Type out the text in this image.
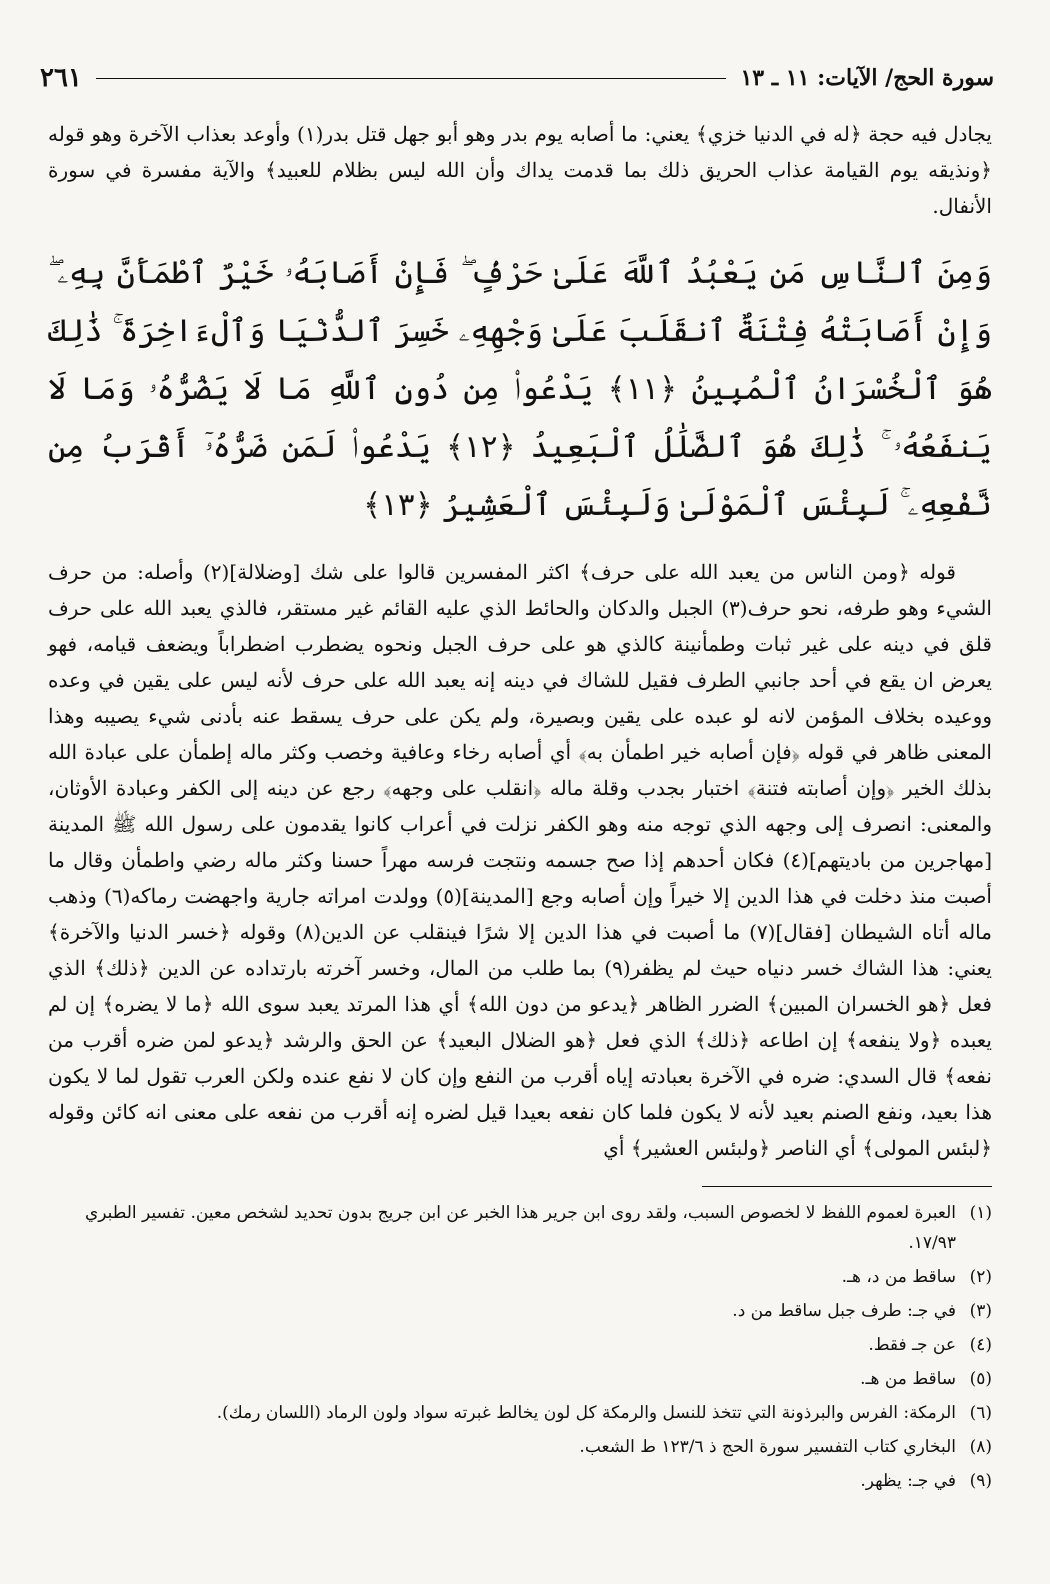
سورة الحج/ الآيات: ١١ ـ ١٣
٢٦١

يجادل فيه حجة ﴿له في الدنيا خزي﴾ يعني: ما أصابه يوم بدر وهو أبو جهل قتل بدر(١) وأوعد بعذاب الآخرة وهو قوله ﴿ونذيقه يوم القيامة عذاب الحريق ذلك بما قدمت يداك وأن الله ليس بظلام للعبيد﴾ والآية مفسرة في سورة الأنفال.

وَمِنَ ٱلنَّاسِ مَن يَعْبُدُ ٱللَّهَ عَلَىٰ حَرْفٍۢ ۖ فَإِنْ أَصَابَهُۥ خَيْرٌ ٱطْمَأَنَّ بِهِۦ ۖ وَإِنْ أَصَابَتْهُ فِتْنَةٌ ٱنقَلَبَ عَلَىٰ وَجْهِهِۦ خَسِرَ ٱلدُّنْيَا وَٱلْءَاخِرَةَ ۚ ذَٰلِكَ هُوَ ٱلْخُسْرَانُ ٱلْمُبِينُ ﴿١١﴾ يَدْعُوا۟ مِن دُونِ ٱللَّهِ مَا لَا يَضُرُّهُۥ وَمَا لَا يَنفَعُهُۥ ۚ ذَٰلِكَ هُوَ ٱلضَّلَٰلُ ٱلْبَعِيدُ ﴿١٢﴾ يَدْعُوا۟ لَمَن ضَرُّهُۥٓ أَقْرَبُ مِن نَّفْعِهِۦ ۚ لَبِئْسَ ٱلْمَوْلَىٰ وَلَبِئْسَ ٱلْعَشِيرُ ﴿١٣﴾

قوله ﴿ومن الناس من يعبد الله على حرف﴾ اكثر المفسرين قالوا على شك [وضلالة](٢) وأصله: من حرف الشيء وهو طرفه، نحو حرف(٣) الجبل والدكان والحائط الذي عليه القائم غير مستقر، فالذي يعبد الله على حرف قلق في دينه على غير ثبات وطمأنينة كالذي هو على حرف الجبل ونحوه يضطرب اضطراباً ويضعف قيامه، فهو يعرض ان يقع في أحد جانبي الطرف فقيل للشاك في دينه إنه يعبد الله على حرف لأنه ليس على يقين في وعده ووعيده بخلاف المؤمن لانه لو عبده على يقين وبصيرة، ولم يكن على حرف يسقط عنه بأدنى شيء يصيبه وهذا المعنى ظاهر في قوله ﴿فإن أصابه خير اطمأن به﴾ أي أصابه رخاء وعافية وخصب وكثر ماله إطمأن على عبادة الله بذلك الخير ﴿وإن أصابته فتنة﴾ اختبار بجدب وقلة ماله ﴿انقلب على وجهه﴾ رجع عن دينه إلى الكفر وعبادة الأوثان، والمعنى: انصرف إلى وجهه الذي توجه منه وهو الكفر نزلت في أعراب كانوا يقدمون على رسول الله ﷺ المدينة [مهاجرين من باديتهم](٤) فكان أحدهم إذا صح جسمه ونتجت فرسه مهراً حسنا وكثر ماله رضي واطمأن وقال ما أصبت منذ دخلت في هذا الدين إلا خيراً وإن أصابه وجع [المدينة](٥) وولدت امراته جارية واجهضت رماكه(٦) وذهب ماله أتاه الشيطان [فقال](٧) ما أصبت في هذا الدين إلا شرًا فينقلب عن الدين(٨) وقوله ﴿خسر الدنيا والآخرة﴾ يعني: هذا الشاك خسر دنياه حيث لم يظفر(٩) بما طلب من المال، وخسر آخرته بارتداده عن الدين ﴿ذلك﴾ الذي فعل ﴿هو الخسران المبين﴾ الضرر الظاهر ﴿يدعو من دون الله﴾ أي هذا المرتد يعبد سوى الله ﴿ما لا يضره﴾ إن لم يعبده ﴿ولا ينفعه﴾ إن اطاعه ﴿ذلك﴾ الذي فعل ﴿هو الضلال البعيد﴾ عن الحق والرشد ﴿يدعو لمن ضره أقرب من نفعه﴾ قال السدي: ضره في الآخرة بعبادته إياه أقرب من النفع وإن كان لا نفع عنده ولكن العرب تقول لما لا يكون هذا بعيد، ونفع الصنم بعيد لأنه لا يكون فلما كان نفعه بعيدا قيل لضره إنه أقرب من نفعه على معنى انه كائن وقوله ﴿لبئس المولى﴾ أي الناصر ﴿ولبئس العشير﴾ أي

(١)
العبرة لعموم اللفظ لا لخصوص السبب، ولقد روى ابن جرير هذا الخبر عن ابن جريج بدون تحديد لشخص معين. تفسير الطبري ١٧/٩٣.
(٢)
ساقط من د، هـ.
(٣)
في جـ: طرف جبل ساقط من د.
(٤)
عن جـ فقط.
(٥)
ساقط من هـ.
(٦)
الرمكة: الفرس والبرذونة التي تتخذ للنسل والرمكة كل لون يخالط غبرته سواد ولون الرماد (اللسان رمك).
(٨)
البخاري كتاب التفسير سورة الحج ذ ١٢٣/٦ ط الشعب.
(٩)
في جـ: يظهر.
